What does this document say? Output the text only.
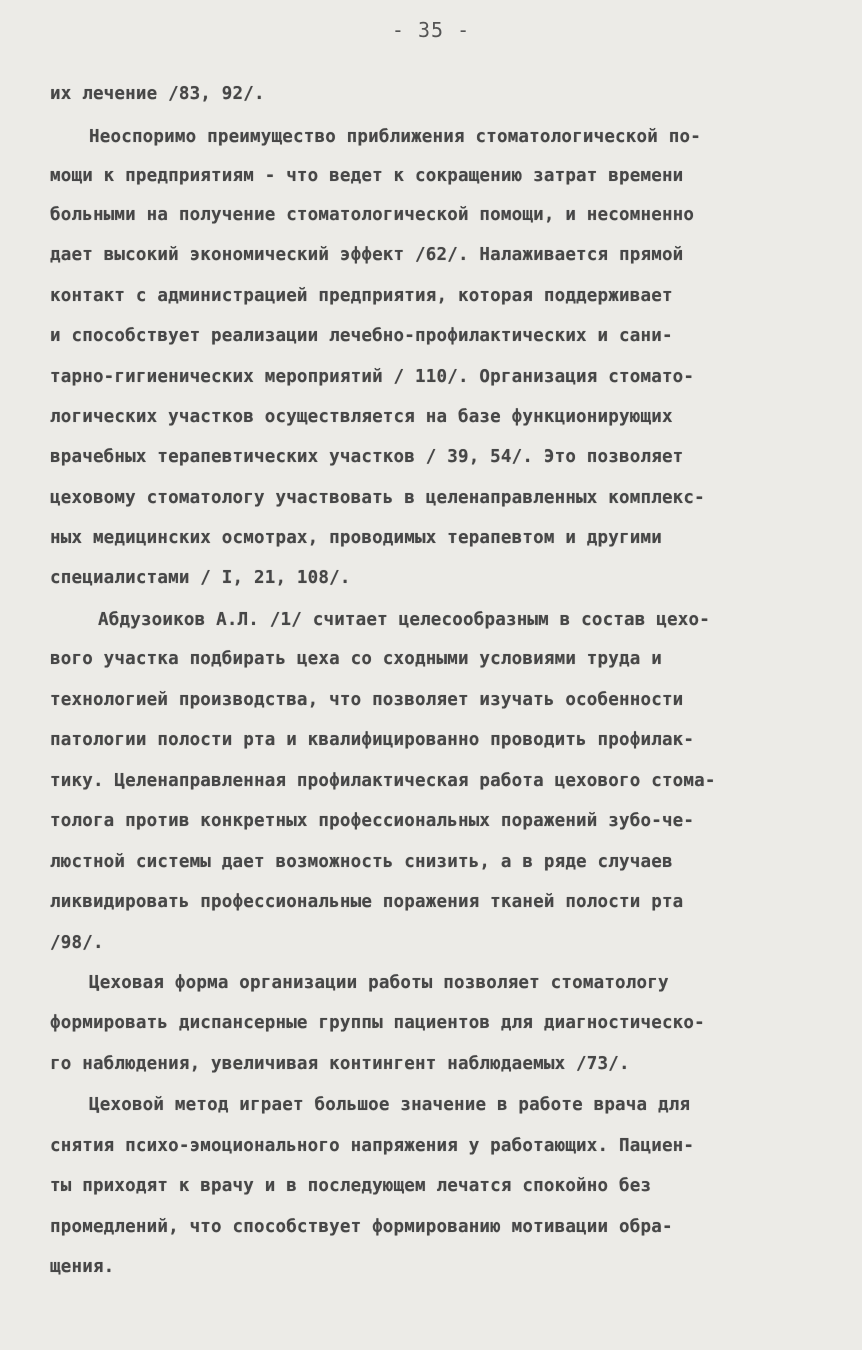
- 35 -
их лечение /83, 92/.
Неоспоримо преимущество приближения стоматологической по-
мощи к предприятиям - что ведет к сокращению затрат времени
больными на получение стоматологической помощи, и несомненно
дает высокий экономический эффект /62/. Налаживается прямой
контакт с администрацией предприятия, которая поддерживает
и способствует реализации лечебно-профилактических и сани-
тарно-гигиенических мероприятий / 110/. Организация стомато-
логических участков осуществляется на базе функционирующих
врачебных терапевтических участков / 39, 54/. Это позволяет
цеховому стоматологу участвовать в целенаправленных комплекс-
ных медицинских осмотрах, проводимых терапевтом и другими
специалистами / I, 21, 108/.
Абдузоиков А.Л. /1/ считает целесообразным в состав цехо-
вого участка подбирать цеха со сходными условиями труда и
технологией производства, что позволяет изучать особенности
патологии полости рта и квалифицированно проводить профилак-
тику. Целенаправленная профилактическая работа цехового стома-
толога против конкретных профессиональных поражений зубо-че-
люстной системы дает возможность снизить, а в ряде случаев
ликвидировать профессиональные поражения тканей полости рта
/98/.
Цеховая форма организации работы позволяет стоматологу
формировать диспансерные группы пациентов для диагностическо-
го наблюдения, увеличивая контингент наблюдаемых /73/.
Цеховой метод играет большое значение в работе врача для
снятия психо-эмоционального напряжения у работающих. Пациен-
ты приходят к врачу и в последующем лечатся спокойно без
промедлений, что способствует формированию мотивации обра-
щения.
